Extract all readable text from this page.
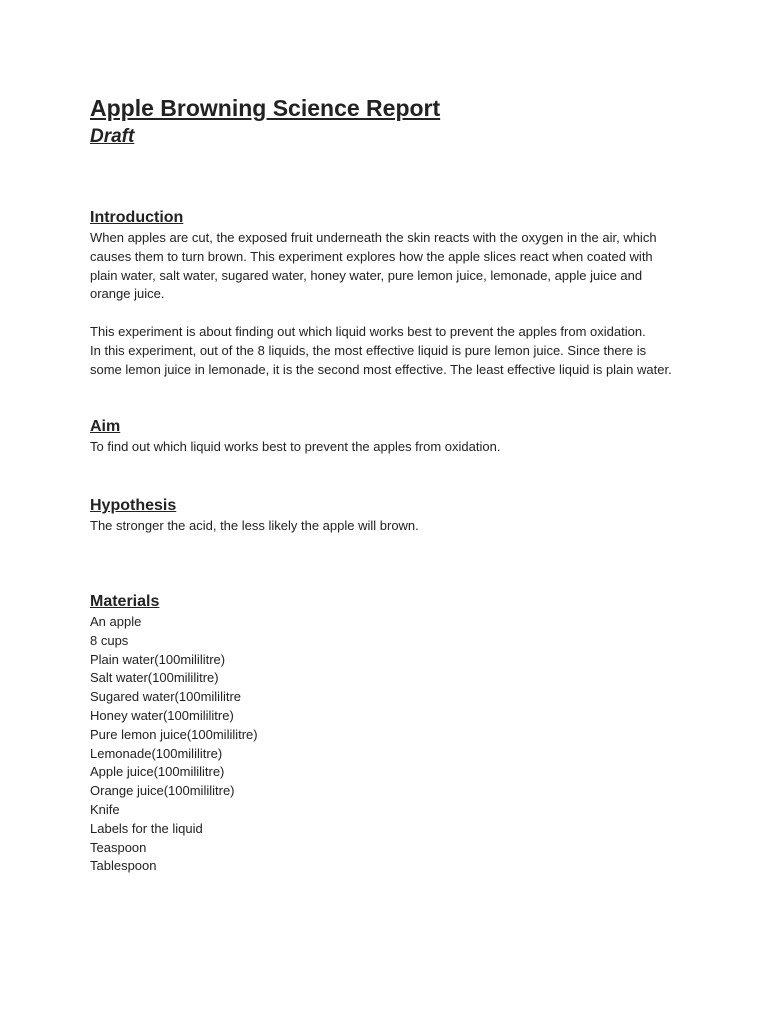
Apple Browning Science Report
Draft
Introduction

When apples are cut, the exposed fruit underneath the skin reacts with the oxygen in the air, which causes them to turn brown. This experiment explores how the apple slices react when coated with plain water, salt water, sugared water, honey water, pure lemon juice, lemonade, apple juice and orange juice.

This experiment is about finding out which liquid works best to prevent the apples from oxidation.

In this experiment, out of the 8 liquids, the most effective liquid is pure lemon juice. Since there is some lemon juice in lemonade, it is the second most effective. The least effective liquid is plain water.

Aim

To find out which liquid works best to prevent the apples from oxidation.

Hypothesis

The stronger the acid, the less likely the apple will brown.

Materials
An apple
8 cups
Plain water(100mililitre)
Salt water(100mililitre)
Sugared water(100mililitre
Honey water(100mililitre)
Pure lemon juice(100mililitre)
Lemonade(100mililitre)
Apple juice(100mililitre)
Orange juice(100mililitre)
Knife
Labels for the liquid
Teaspoon
Tablespoon
